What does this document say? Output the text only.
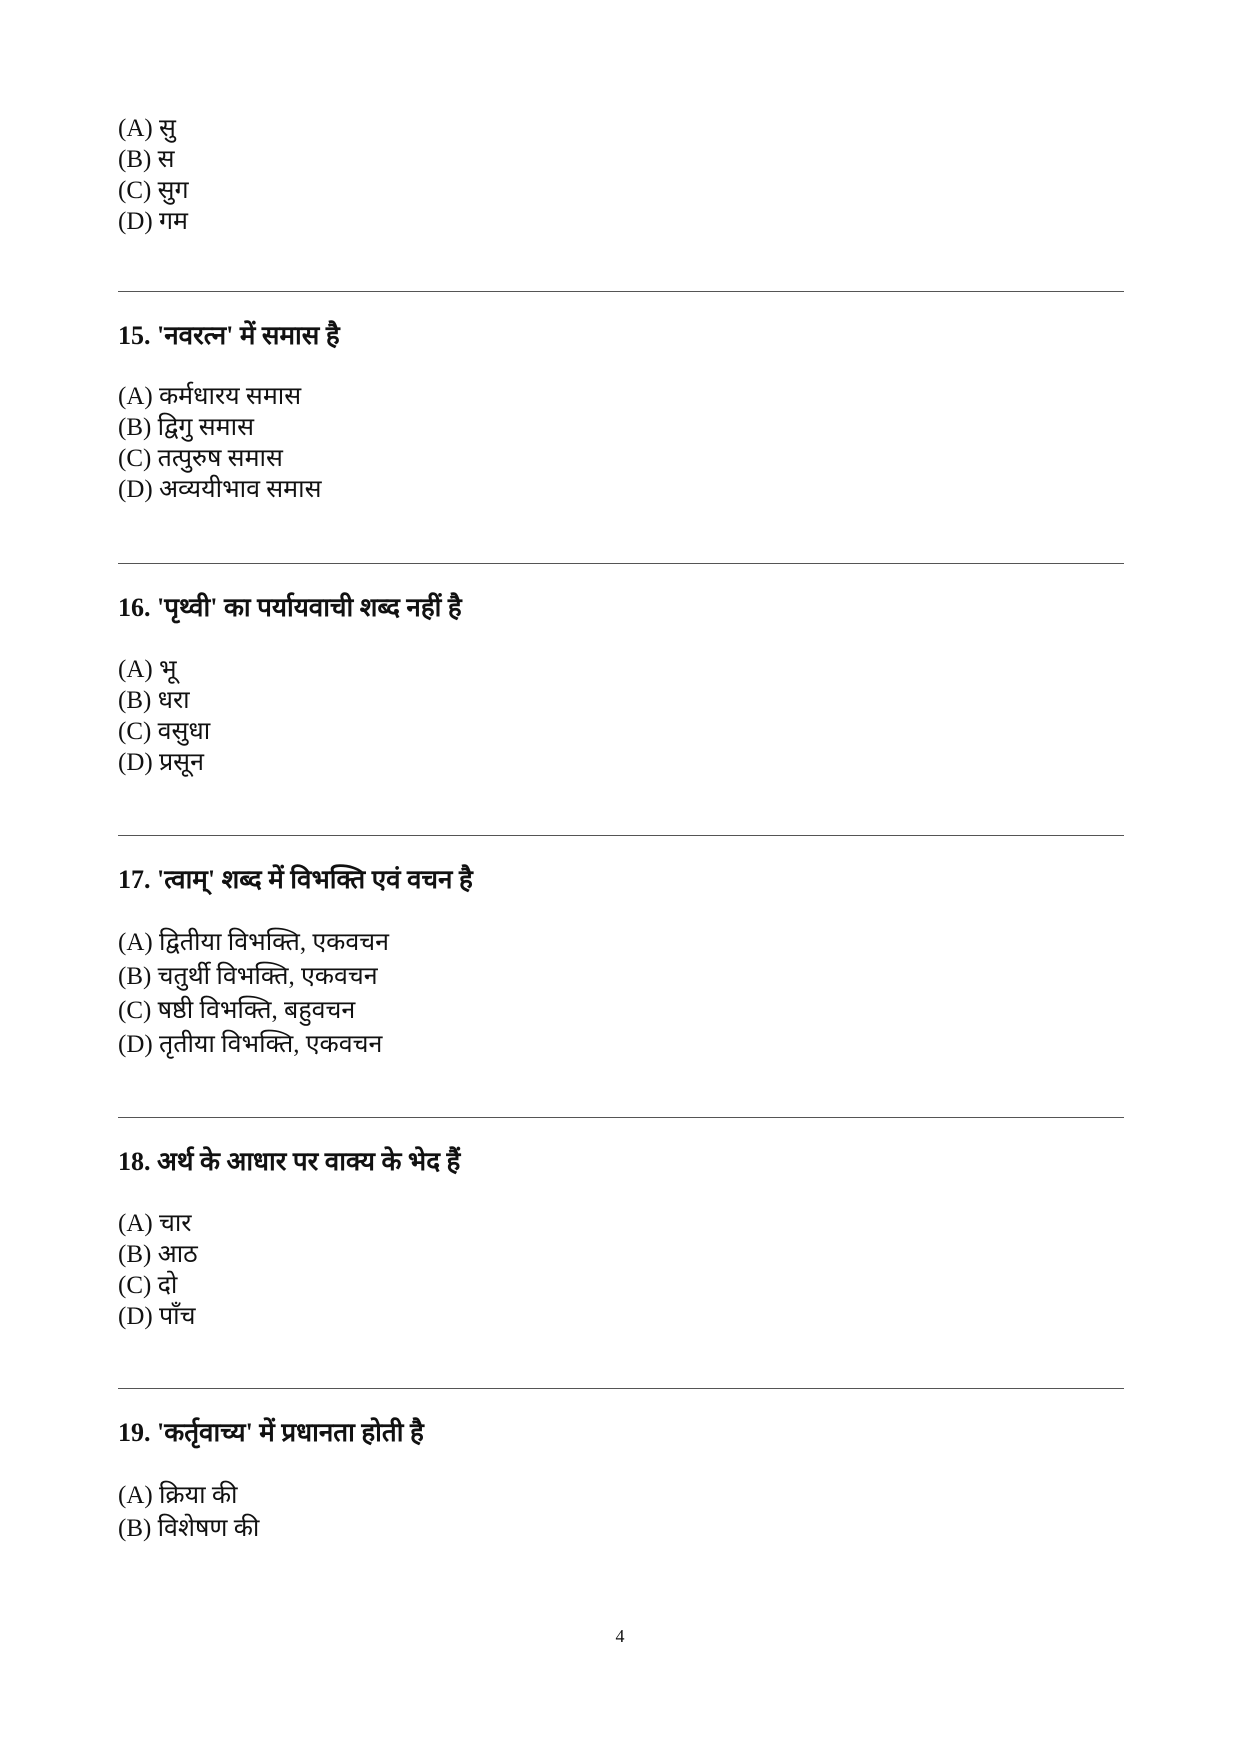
(A) सु
(B) स
(C) सुग
(D) गम
15. 'नवरत्न' में समास है
(A) कर्मधारय समास
(B) द्विगु समास
(C) तत्पुरुष समास
(D) अव्ययीभाव समास
16. 'पृथ्वी' का पर्यायवाची शब्द नहीं है
(A) भू
(B) धरा
(C) वसुधा
(D) प्रसून
17. 'त्वाम्' शब्द में विभक्ति एवं वचन है
(A) द्वितीया विभक्ति, एकवचन
(B) चतुर्थी विभक्ति, एकवचन
(C) षष्ठी विभक्ति, बहुवचन
(D) तृतीया विभक्ति, एकवचन
18. अर्थ के आधार पर वाक्य के भेद हैं
(A) चार
(B) आठ
(C) दो
(D) पाँच
19. 'कर्तृवाच्य' में प्रधानता होती है
(A) क्रिया की
(B) विशेषण की
4
